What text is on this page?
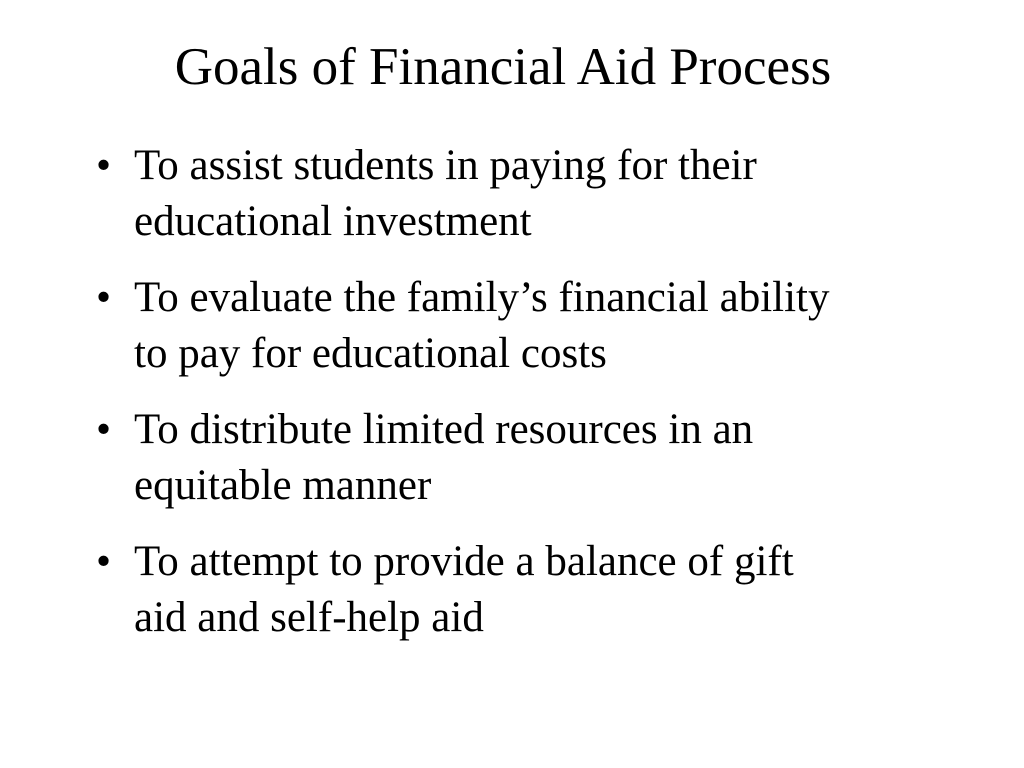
Goals of Financial Aid Process
• To assist students in paying for their
educational investment
• To evaluate the family’s financial ability
to pay for educational costs
• To distribute limited resources in an
equitable manner
• To attempt to provide a balance of gift
aid and self-help aid
